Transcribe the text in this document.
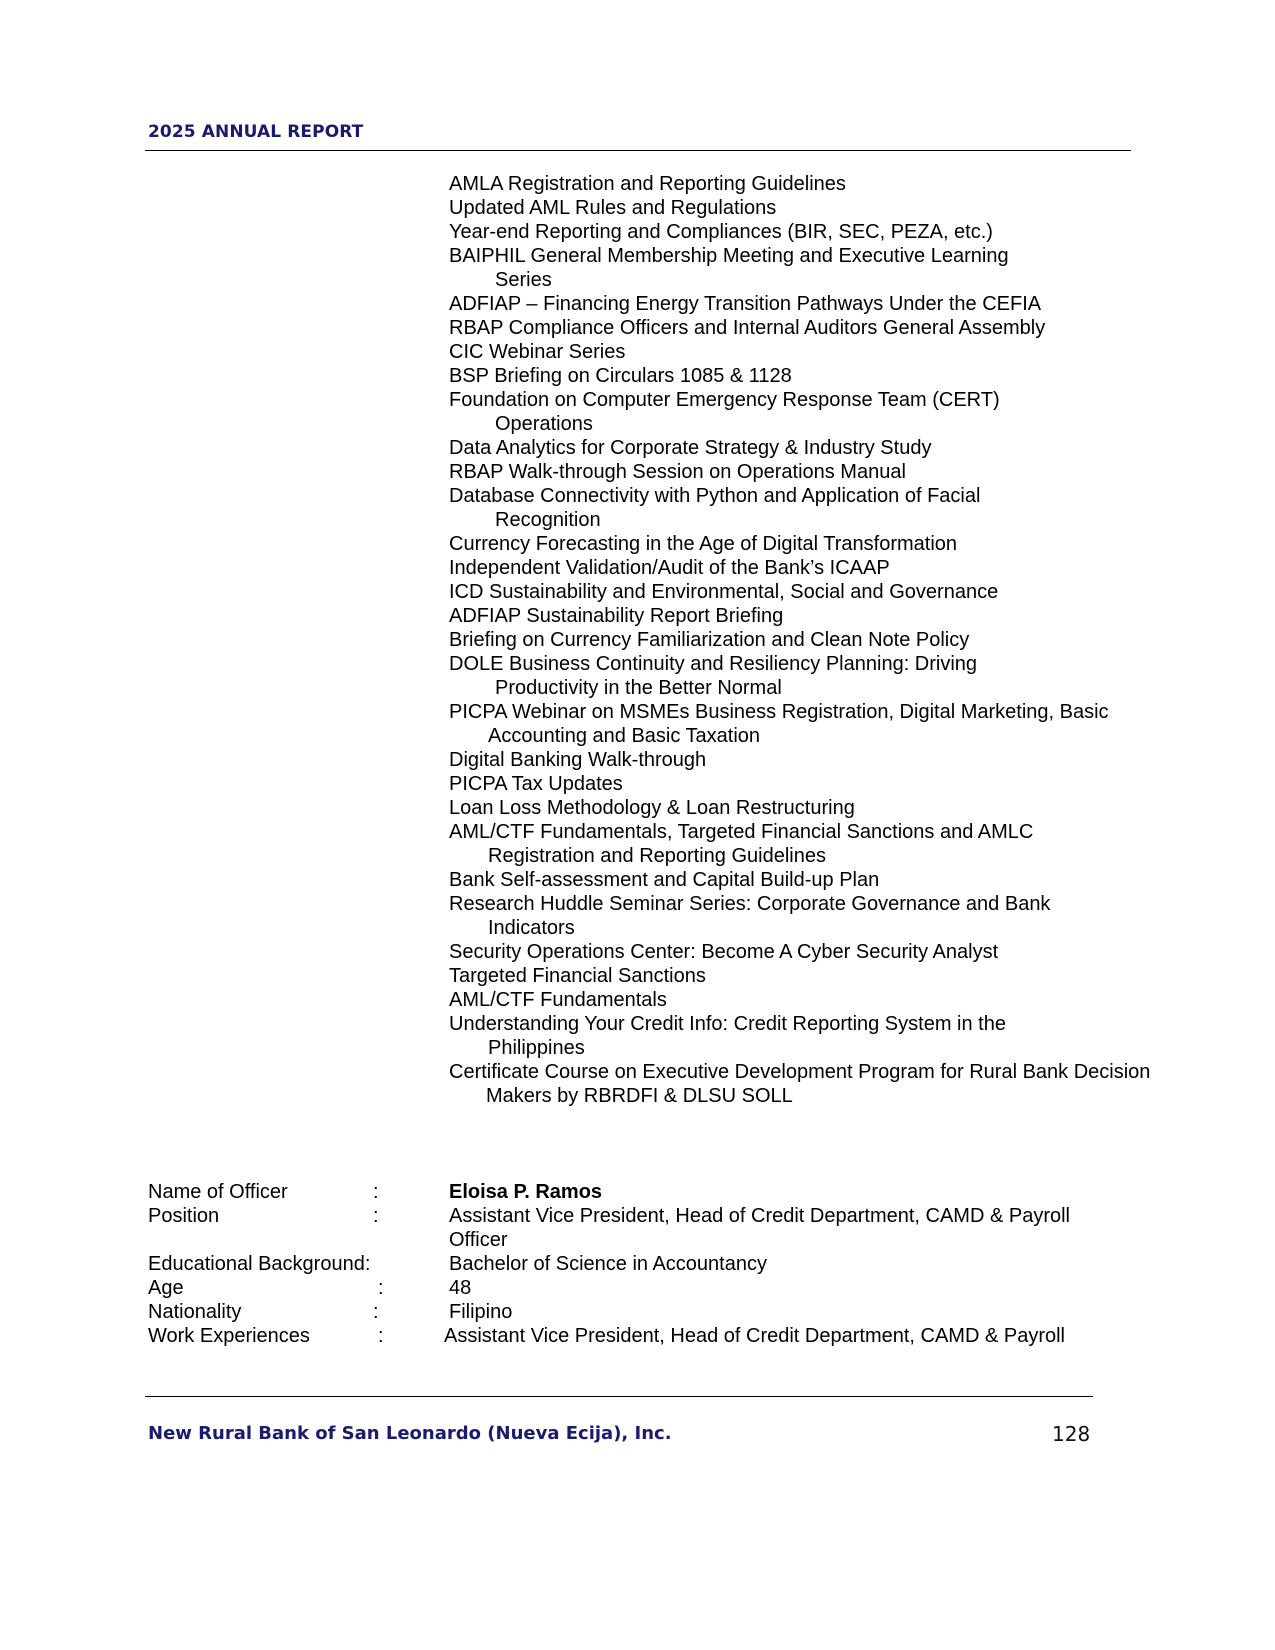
2025 ANNUAL REPORT
AMLA Registration and Reporting Guidelines
Updated AML Rules and Regulations
Year-end Reporting and Compliances (BIR, SEC, PEZA, etc.)
BAIPHIL General Membership Meeting and Executive Learning Series
ADFIAP – Financing Energy Transition Pathways Under the CEFIA
RBAP Compliance Officers and Internal Auditors General Assembly
CIC Webinar Series
BSP Briefing on Circulars 1085 & 1128
Foundation on Computer Emergency Response Team (CERT) Operations
Data Analytics for Corporate Strategy & Industry Study
RBAP Walk-through Session on Operations Manual
Database Connectivity with Python and Application of Facial Recognition
Currency Forecasting in the Age of Digital Transformation
Independent Validation/Audit of the Bank’s ICAAP
ICD Sustainability and Environmental, Social and Governance
ADFIAP Sustainability Report Briefing
Briefing on Currency Familiarization and Clean Note Policy
DOLE Business Continuity and Resiliency Planning: Driving Productivity in the Better Normal
PICPA Webinar on MSMEs Business Registration, Digital Marketing, Basic Accounting and Basic Taxation
Digital Banking Walk-through
PICPA Tax Updates
Loan Loss Methodology & Loan Restructuring
AML/CTF Fundamentals, Targeted Financial Sanctions and AMLC Registration and Reporting Guidelines
Bank Self-assessment and Capital Build-up Plan
Research Huddle Seminar Series: Corporate Governance and Bank Indicators
Security Operations Center: Become A Cyber Security Analyst
Targeted Financial Sanctions
AML/CTF Fundamentals
Understanding Your Credit Info: Credit Reporting System in the Philippines
Certificate Course on Executive Development Program for Rural Bank Decision Makers by RBRDFI & DLSU SOLL
Name of Officer	:	Eloisa P. Ramos
Position	:	Assistant Vice President, Head of Credit Department, CAMD & Payroll Officer
Educational Background:	Bachelor of Science in Accountancy
Age	:	48
Nationality	:	Filipino
Work Experiences	:	Assistant Vice President, Head of Credit Department, CAMD & Payroll
New Rural Bank of San Leonardo (Nueva Ecija), Inc.	128
